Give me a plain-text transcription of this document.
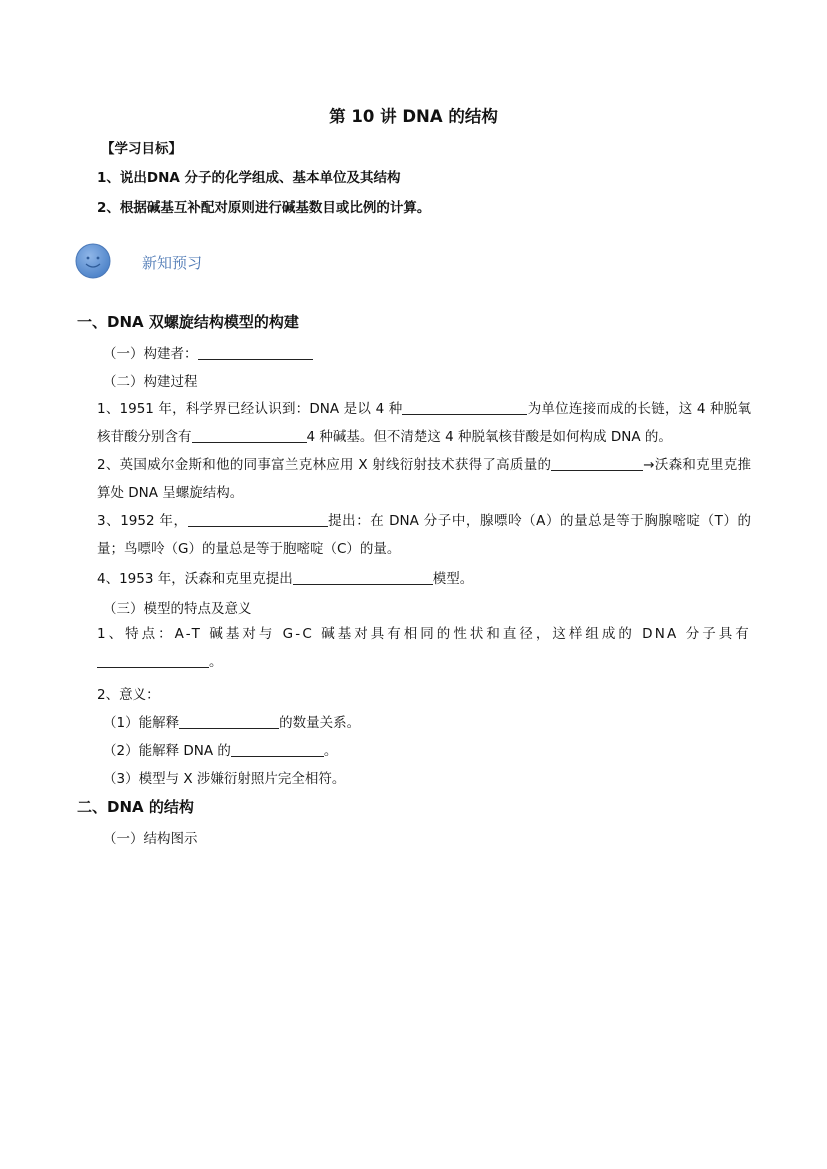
第 10 讲 DNA 的结构
【学习目标】
1、说出DNA 分子的化学组成、基本单位及其结构
2、根据碱基互补配对原则进行碱基数目或比例的计算。
新知预习
一、DNA 双螺旋结构模型的构建
（一）构建者：
（二）构建过程
1、1951 年，科学界已经认识到：DNA 是以 4 种	为单位连接而成的长链，这 4 种脱氧核苷酸分别含有	4 种碱基。但不清楚这 4 种脱氧核苷酸是如何构成 DNA 的。
2、英国威尔金斯和他的同事富兰克林应用 X 射线衍射技术获得了高质量的	→沃森和克里克推算处 DNA 呈螺旋结构。
3、1952 年，	提出：在 DNA 分子中，腺嘌呤（A）的量总是等于胸腺嘧啶（T）的量；鸟嘌呤（G）的量总是等于胞嘧啶（C）的量。
4、1953 年，沃森和克里克提出	模型。
（三）模型的特点及意义
1、特点：A-T 碱基对与 G-C 碱基对具有相同的性状和直径，这样组成的 DNA 分子具有。
2、意义：
（1）能解释	的数量关系。
（2）能解释 DNA 的	。
（3）模型与 X 涉嫌衍射照片完全相符。
二、DNA 的结构
（一）结构图示
